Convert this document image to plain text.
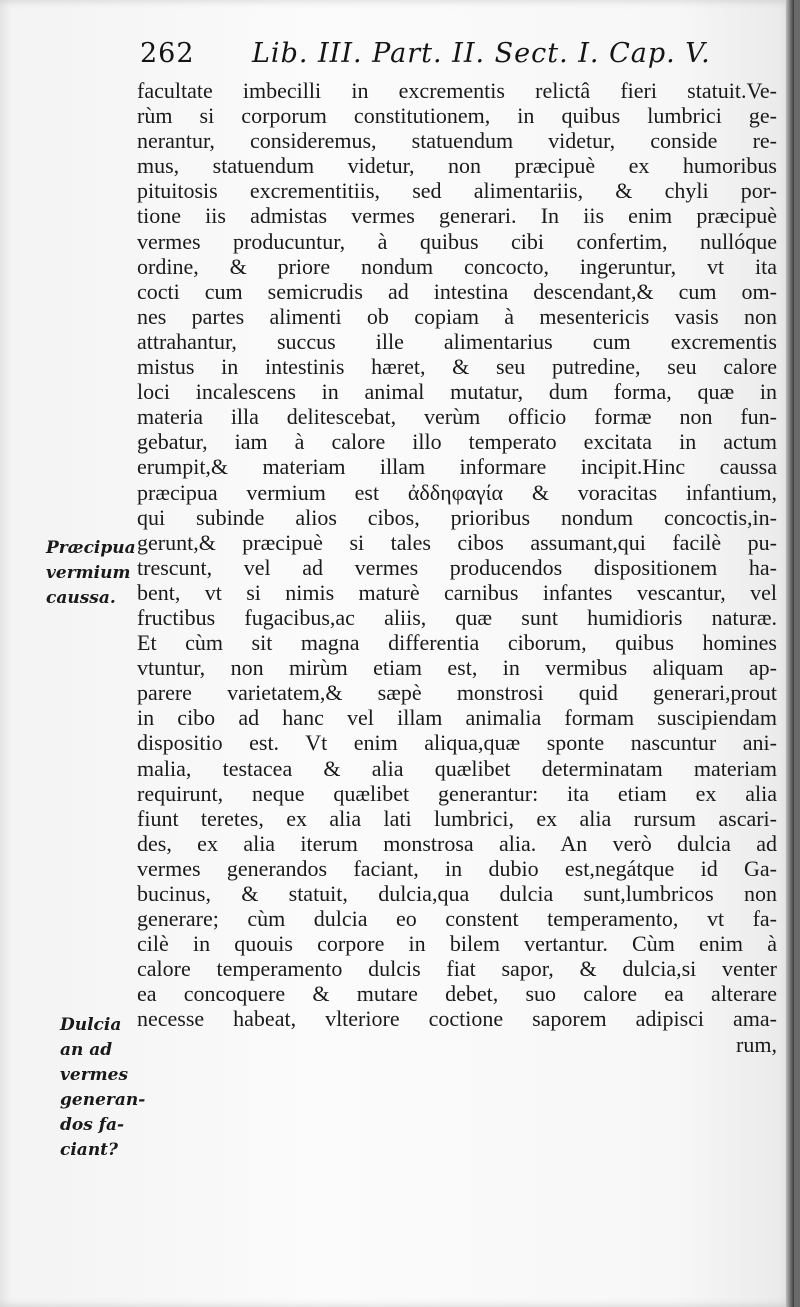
262 Lib. III. Part. II. Sect. I. Cap. V.
facultate imbecilli in excrementis relictâ fieri statuit.Ve-
rùm si corporum constitutionem, in quibus lumbrici ge-
nerantur, consideremus, statuendum videtur, conside re-
mus, statuendum videtur, non præcipuè ex humoribus
pituitosis excrementitiis, sed alimentariis, & chyli por-
tione iis admistas vermes generari. In iis enim præcipuè
vermes producuntur, à quibus cibi confertim, nullóque
ordine, & priore nondum concocto, ingeruntur, vt ita
cocti cum semicrudis ad intestina descendant,& cum om-
nes partes alimenti ob copiam à mesentericis vasis non
attrahantur, succus ille alimentarius cum excrementis
mistus in intestinis hæret, & seu putredine, seu calore
loci incalescens in animal mutatur, dum forma, quæ in
materia illa delitescebat, verùm officio formæ non fun-
gebatur, iam à calore illo temperato excitata in actum
erumpit,& materiam illam informare incipit.Hinc caussa
præcipua vermium est ἀδδηφαγία & voracitas infantium,
qui subinde alios cibos, prioribus nondum concoctis,in-
gerunt,& præcipuè si tales cibos assumant,qui facilè pu-
trescunt, vel ad vermes producendos dispositionem ha-
bent, vt si nimis maturè carnibus infantes vescantur, vel
fructibus fugacibus,ac aliis, quæ sunt humidioris naturæ.
Et cùm sit magna differentia ciborum, quibus homines
vtuntur, non mirùm etiam est, in vermibus aliquam ap-
parere varietatem,& sæpè monstrosi quid generari,prout
in cibo ad hanc vel illam animalia formam suscipiendam
dispositio est. Vt enim aliqua,quæ sponte nascuntur ani-
malia, testacea & alia quælibet determinatam materiam
requirunt, neque quælibet generantur: ita etiam ex alia
fiunt teretes, ex alia lati lumbrici, ex alia rursum ascari-
des, ex alia iterum monstrosa alia. An verò dulcia ad
vermes generandos faciant, in dubio est,negátque id Ga-
bucinus, & statuit, dulcia,qua dulcia sunt,lumbricos non
generare; cùm dulcia eo constent temperamento, vt fa-
cilè in quouis corpore in bilem vertantur. Cùm enim à
calore temperamento dulcis fiat sapor, & dulcia,si venter
ea concoquere & mutare debet, suo calore ea alterare
necesse habeat, vlteriore coctione saporem adipisci ama-
rum,
Præcipua
vermium
caussa.
Dulcia
an ad
vermes
generan-
dos fa-
ciant?
